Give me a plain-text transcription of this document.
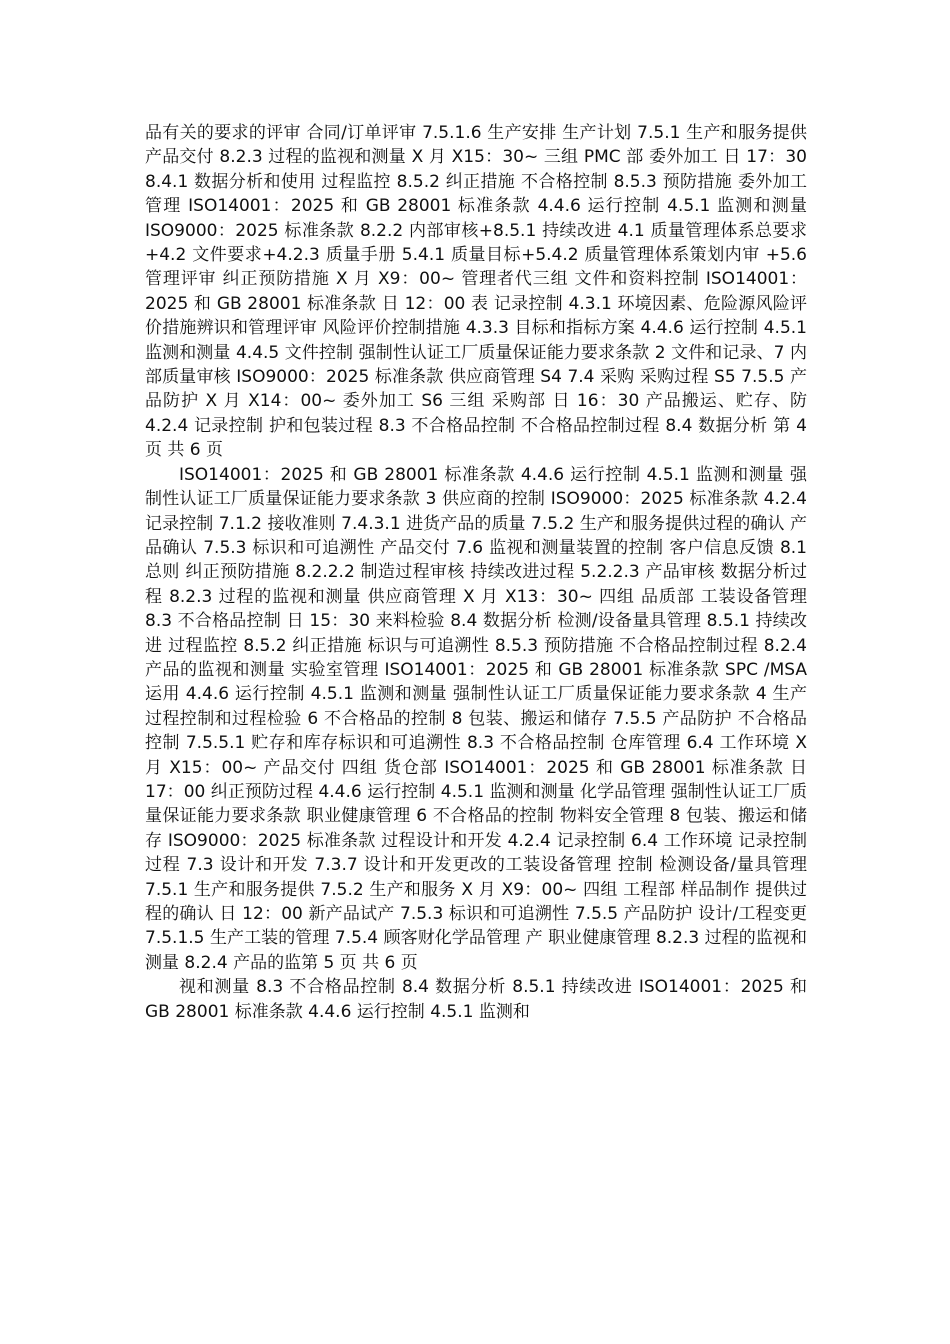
品有关的要求的评审 合同/订单评审 7.5.1.6 生产安排 生产计划 7.5.1 生产和服务提供 产品交付 8.2.3 过程的监视和测量 X 月 X15：30~ 三组 PMC 部 委外加工 日 17：30 8.4.1 数据分析和使用 过程监控 8.5.2 纠正措施 不合格控制 8.5.3 预防措施 委外加工管理 ISO14001：2025 和 GB 28001 标准条款 4.4.6 运行控制 4.5.1 监测和测量 ISO9000：2025 标准条款 8.2.2 内部审核+8.5.1 持续改进 4.1 质量管理体系总要求+4.2 文件要求+4.2.3 质量手册 5.4.1 质量目标+5.4.2 质量管理体系策划内审 +5.6 管理评审 纠正预防措施 X 月 X9：00~ 管理者代三组 文件和资料控制 ISO14001：2025 和 GB 28001 标准条款 日 12：00 表 记录控制 4.3.1 环境因素、危险源风险评价措施辨识和管理评审 风险评价控制措施 4.3.3 目标和指标方案 4.4.6 运行控制 4.5.1 监测和测量 4.4.5 文件控制 强制性认证工厂质量保证能力要求条款 2 文件和记录、7 内部质量审核 ISO9000：2025 标准条款 供应商管理 S4 7.4 采购 采购过程 S5 7.5.5 产品防护 X 月 X14：00~ 委外加工 S6 三组 采购部 日 16：30 产品搬运、贮存、防 4.2.4 记录控制 护和包装过程 8.3 不合格品控制 不合格品控制过程 8.4 数据分析 第 4 页 共 6 页

ISO14001：2025 和 GB 28001 标准条款 4.4.6 运行控制 4.5.1 监测和测量 强制性认证工厂质量保证能力要求条款 3 供应商的控制 ISO9000：2025 标准条款 4.2.4 记录控制 7.1.2 接收准则 7.4.3.1 进货产品的质量 7.5.2 生产和服务提供过程的确认 产品确认 7.5.3 标识和可追溯性 产品交付 7.6 监视和测量装置的控制 客户信息反馈 8.1 总则 纠正预防措施 8.2.2.2 制造过程审核 持续改进过程 5.2.2.3 产品审核 数据分析过程 8.2.3 过程的监视和测量 供应商管理 X 月 X13：30~ 四组 品质部 工装设备管理 8.3 不合格品控制 日 15：30 来料检验 8.4 数据分析 检测/设备量具管理 8.5.1 持续改进 过程监控 8.5.2 纠正措施 标识与可追溯性 8.5.3 预防措施 不合格品控制过程 8.2.4 产品的监视和测量 实验室管理 ISO14001：2025 和 GB 28001 标准条款 SPC /MSA 运用 4.4.6 运行控制 4.5.1 监测和测量 强制性认证工厂质量保证能力要求条款 4 生产过程控制和过程检验 6 不合格品的控制 8 包装、搬运和储存 7.5.5 产品防护 不合格品控制 7.5.5.1 贮存和库存标识和可追溯性 8.3 不合格品控制 仓库管理 6.4 工作环境 X 月 X15：00~ 产品交付 四组 货仓部 ISO14001：2025 和 GB 28001 标准条款 日 17：00 纠正预防过程 4.4.6 运行控制 4.5.1 监测和测量 化学品管理 强制性认证工厂质量保证能力要求条款 职业健康管理 6 不合格品的控制 物料安全管理 8 包装、搬运和储存 ISO9000：2025 标准条款 过程设计和开发 4.2.4 记录控制 6.4 工作环境 记录控制过程 7.3 设计和开发 7.3.7 设计和开发更改的工装设备管理 控制 检测设备/量具管理 7.5.1 生产和服务提供 7.5.2 生产和服务 X 月 X9：00~ 四组 工程部 样品制作 提供过程的确认 日 12：00 新产品试产 7.5.3 标识和可追溯性 7.5.5 产品防护 设计/工程变更 7.5.1.5 生产工装的管理 7.5.4 顾客财化学品管理 产 职业健康管理 8.2.3 过程的监视和测量 8.2.4 产品的监第 5 页 共 6 页

视和测量 8.3 不合格品控制 8.4 数据分析 8.5.1 持续改进 ISO14001：2025 和 GB 28001 标准条款 4.4.6 运行控制 4.5.1 监测和
